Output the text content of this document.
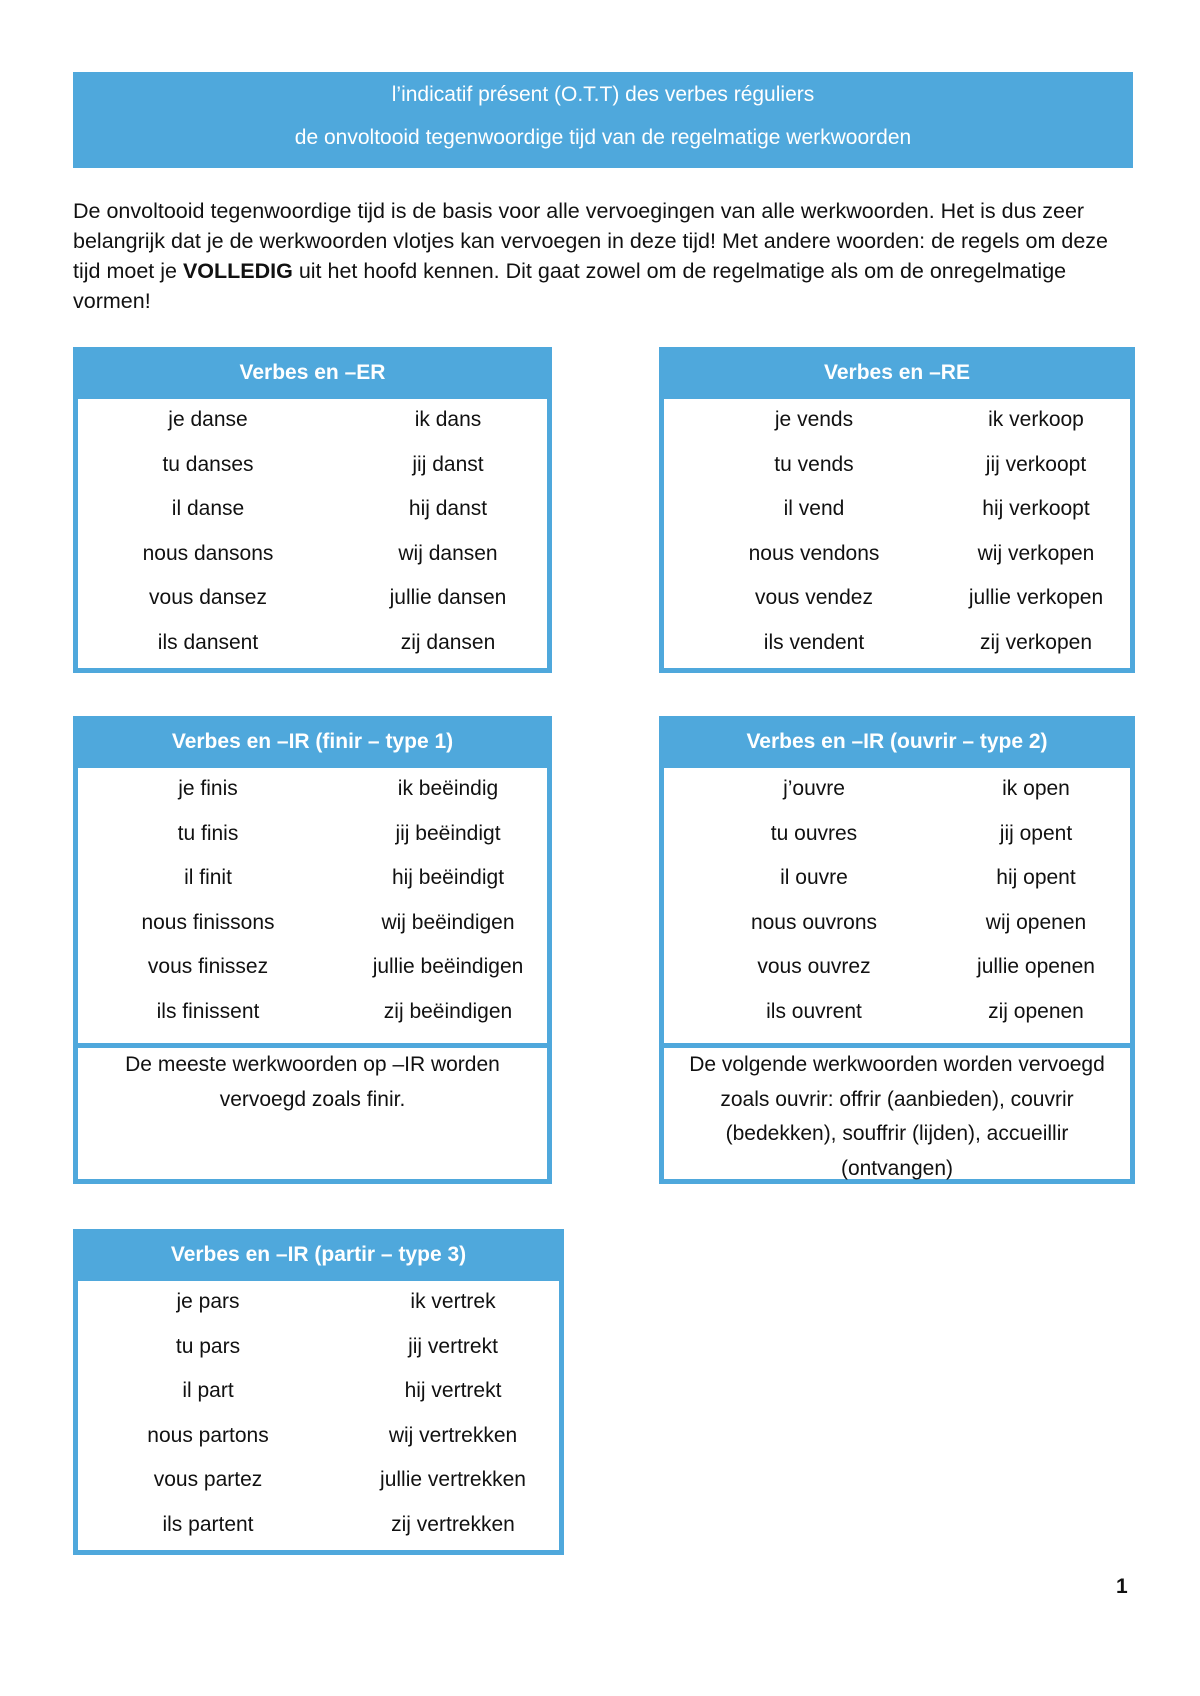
l’indicatif présent (O.T.T) des verbes réguliers
de onvoltooid tegenwoordige tijd van de regelmatige werkwoorden
De onvoltooid tegenwoordige tijd is de basis voor alle vervoegingen van alle werkwoorden. Het is dus zeer belangrijk dat je de werkwoorden vlotjes kan vervoegen in deze tijd! Met andere woorden: de regels om deze tijd moet je VOLLEDIG uit het hoofd kennen. Dit gaat zowel om de regelmatige als om de onregelmatige vormen!
Verbes en –ER
je danse	ik dans
tu danses	jij danst
il danse	hij danst
nous dansons	wij dansen
vous dansez	jullie dansen
ils dansent	zij dansen
Verbes en –RE
je vends	ik verkoop
tu vends	jij verkoopt
il vend	hij verkoopt
nous vendons	wij verkopen
vous vendez	jullie verkopen
ils vendent	zij verkopen
Verbes en –IR (finir – type 1)
je finis	ik beëindig
tu finis	jij beëindigt
il finit	hij beëindigt
nous finissons	wij beëindigen
vous finissez	jullie beëindigen
ils finissent	zij beëindigen
De meeste werkwoorden op –IR worden vervoegd zoals finir.
Verbes en –IR (ouvrir – type 2)
j’ouvre	ik open
tu ouvres	jij opent
il ouvre	hij opent
nous ouvrons	wij openen
vous ouvrez	jullie openen
ils ouvrent	zij openen
De volgende werkwoorden worden vervoegd zoals ouvrir: offrir (aanbieden), couvrir (bedekken), souffrir (lijden), accueillir (ontvangen)
Verbes en –IR (partir – type 3)
je pars	ik vertrek
tu pars	jij vertrekt
il part	hij vertrekt
nous partons	wij vertrekken
vous partez	jullie vertrekken
ils partent	zij vertrekken
1
